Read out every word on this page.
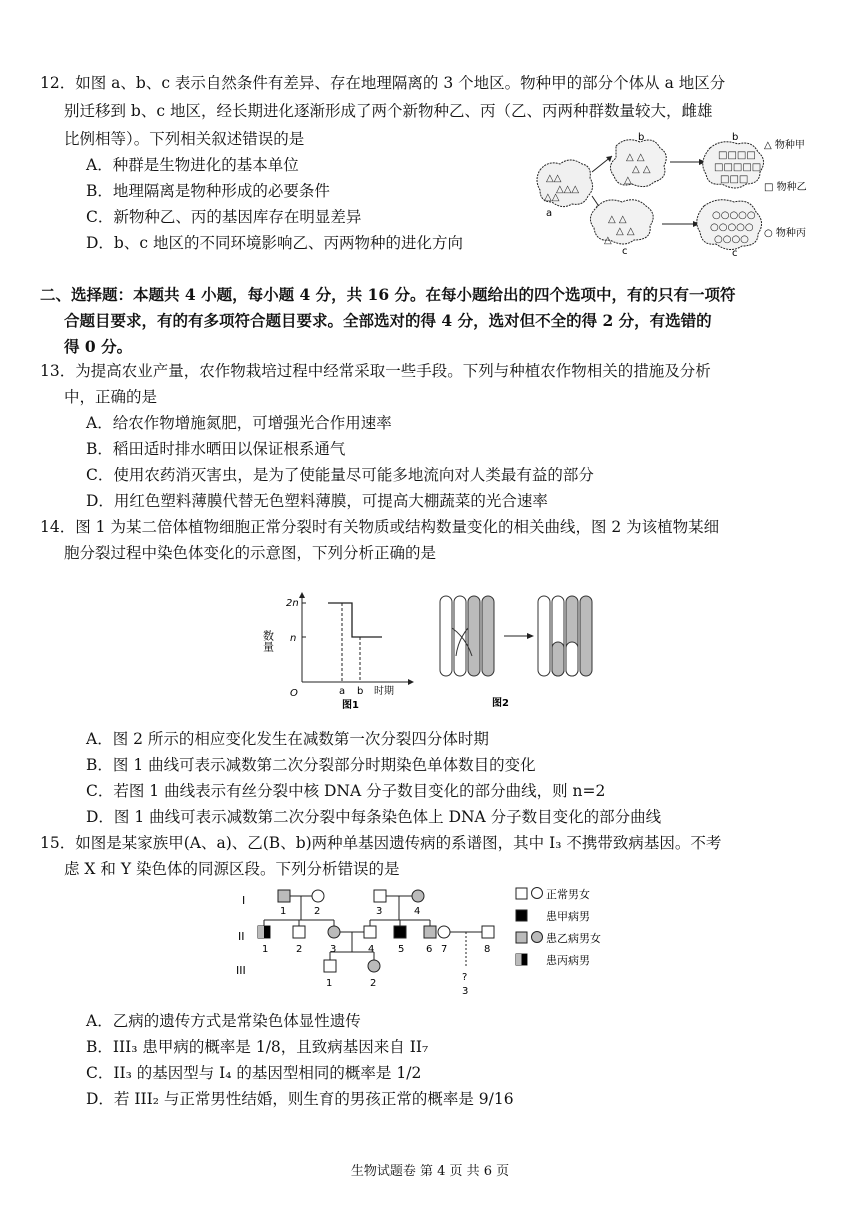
12．如图 a、b、c 表示自然条件有差异、存在地理隔离的 3 个地区。物种甲的部分个体从 a 地区分
别迁移到 b、c 地区，经长期进化逐渐形成了两个新物种乙、丙（乙、丙两种群数量较大，雌雄
比例相等）。下列相关叙述错误的是
A．种群是生物进化的基本单位
B．地理隔离是物种形成的必要条件
C．新物种乙、丙的基因库存在明显差异
D．b、c 地区的不同环境影响乙、丙两物种的进化方向
△△
△△△
△△
a
△ △
△ △
△
b
□□□□
□□□□□
□□□
b
△ △
△ △
△
c
○○○○○
○○○○○
○○○○
c
△ 物种甲
□ 物种乙
○ 物种丙
二、选择题：本题共 4 小题，每小题 4 分，共 16 分。在每小题给出的四个选项中，有的只有一项符
合题目要求，有的有多项符合题目要求。全部选对的得 4 分，选对但不全的得 2 分，有选错的
得 0 分。
13．为提高农业产量，农作物栽培过程中经常采取一些手段。下列与种植农作物相关的措施及分析
中，正确的是
A．给农作物增施氮肥，可增强光合作用速率
B．稻田适时排水晒田以保证根系通气
C．使用农药消灭害虫，是为了使能量尽可能多地流向对人类最有益的部分
D．用红色塑料薄膜代替无色塑料薄膜，可提高大棚蔬菜的光合速率
14．图 1 为某二倍体植物细胞正常分裂时有关物质或结构数量变化的相关曲线，图 2 为该植物某细
胞分裂过程中染色体变化的示意图，下列分析正确的是
数量
2n
n
O	a b 时期
图1	图2
A．图 2 所示的相应变化发生在减数第一次分裂四分体时期
B．图 1 曲线可表示减数第二次分裂部分时期染色单体数目的变化
C．若图 1 曲线表示有丝分裂中核 DNA 分子数目变化的部分曲线，则 n=2
D．图 1 曲线可表示减数第二次分裂中每条染色体上 DNA 分子数目变化的部分曲线
15．如图是某家族甲(A、a)、乙(B、b)两种单基因遗传病的系谱图，其中 I₃ 不携带致病基因。不考
虑 X 和 Y 染色体的同源区段。下列分析错误的是
I
II
III
1	2	3	4
1	2	3	4 5 6 7	8
1	2
?
3
正常男女
患甲病男
患乙病男女
患丙病男
A．乙病的遗传方式是常染色体显性遗传
B．III₃ 患甲病的概率是 1/8，且致病基因来自 II₇
C．II₃ 的基因型与 I₄ 的基因型相同的概率是 1/2
D．若 III₂ 与正常男性结婚，则生育的男孩正常的概率是 9/16
生物试题卷 第 4 页 共 6 页
